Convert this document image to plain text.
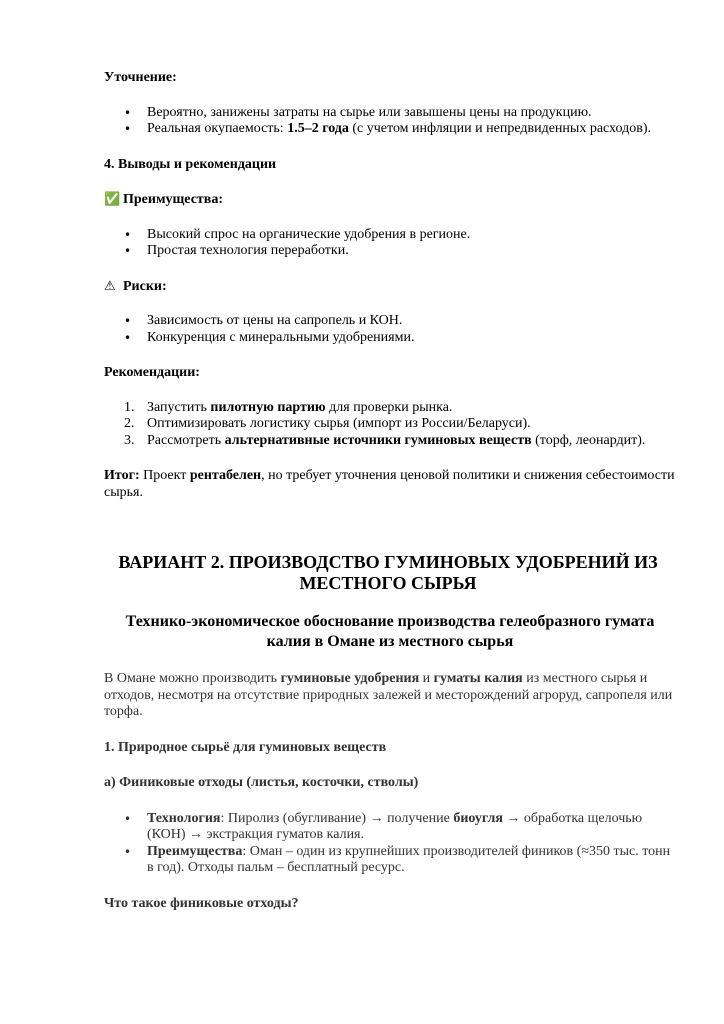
Уточнение:

• Вероятно, занижены затраты на сырье или завышены цены на продукцию.
• Реальная окупаемость: 1.5–2 года (с учетом инфляции и непредвиденных расходов).

4. Выводы и рекомендации

✅ Преимущества:

• Высокий спрос на органические удобрения в регионе.
• Простая технология переработки.

⚠ Риски:

• Зависимость от цены на сапропель и КОН.
• Конкуренция с минеральными удобрениями.

Рекомендации:

1. Запустить пилотную партию для проверки рынка.
2. Оптимизировать логистику сырья (импорт из России/Беларуси).
3. Рассмотреть альтернативные источники гуминовых веществ (торф, леонардит).

Итог: Проект рентабелен, но требует уточнения ценовой политики и снижения себестоимости сырья.

ВАРИАНТ 2. ПРОИЗВОДСТВО ГУМИНОВЫХ УДОБРЕНИЙ ИЗ МЕСТНОГО СЫРЬЯ

Технико-экономическое обоснование производства гелеобразного гумата калия в Омане из местного сырья

В Омане можно производить гуминовые удобрения и гуматы калия из местного сырья и отходов, несмотря на отсутствие природных залежей и месторождений агроруд, сапропеля или торфа.

1. Природное сырьё для гуминовых веществ

а) Финиковые отходы (листья, косточки, стволы)

• Технология: Пиролиз (обугливание) → получение биоугля → обработка щелочью (КОН) → экстракция гуматов калия.
• Преимущества: Оман – один из крупнейших производителей фиников (≈350 тыс. тонн в год). Отходы пальм – бесплатный ресурс.

Что такое финиковые отходы?
